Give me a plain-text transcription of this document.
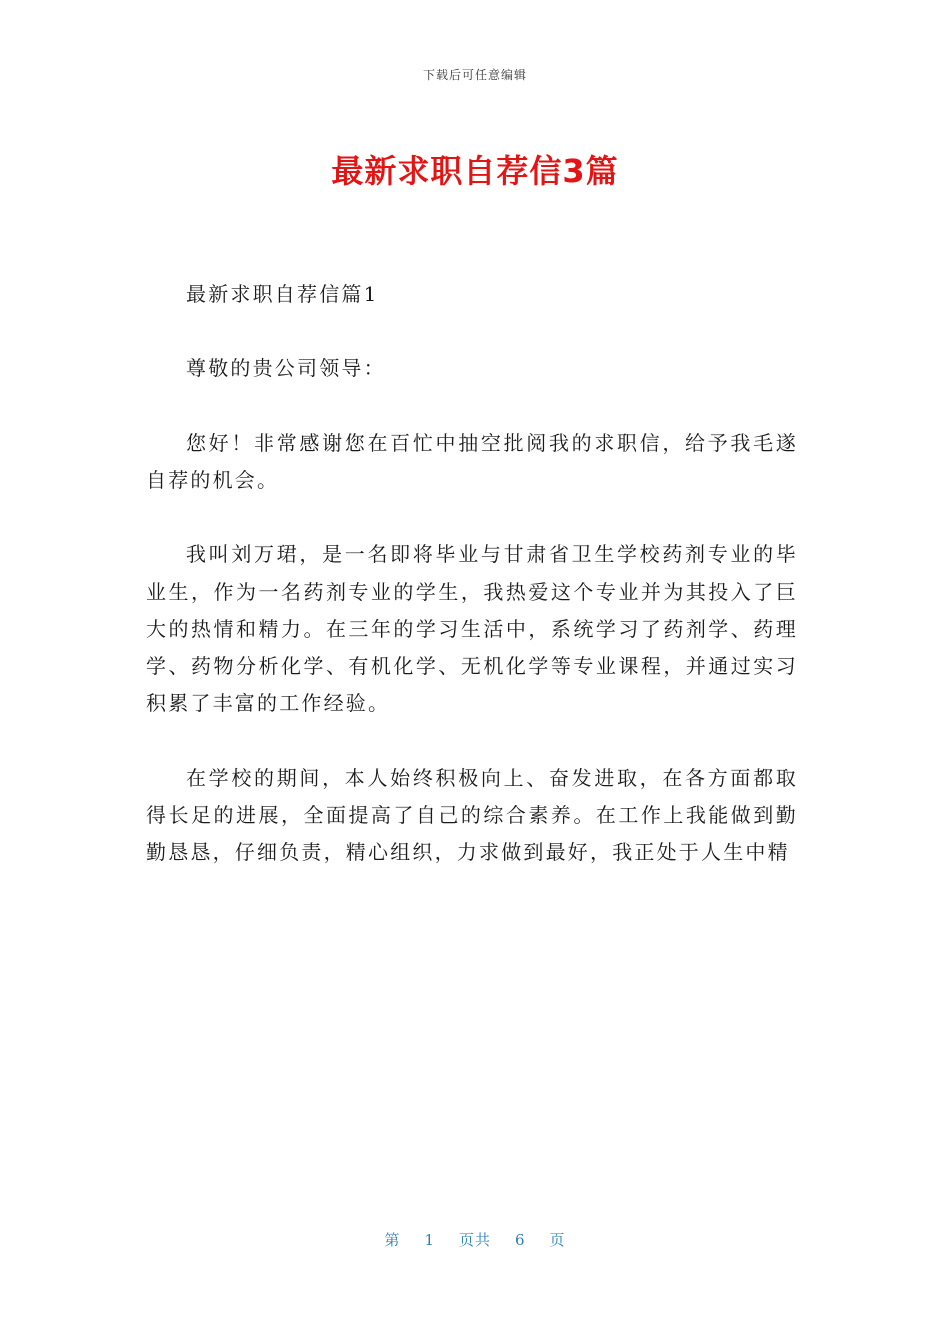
下载后可任意编辑
最新求职自荐信3篇

最新求职自荐信篇1

尊敬的贵公司领导：

您好！非常感谢您在百忙中抽空批阅我的求职信，给予我毛遂自荐的机会。

我叫刘万珺，是一名即将毕业与甘肃省卫生学校药剂专业的毕业生，作为一名药剂专业的学生，我热爱这个专业并为其投入了巨大的热情和精力。在三年的学习生活中，系统学习了药剂学、药理学、药物分析化学、有机化学、无机化学等专业课程，并通过实习积累了丰富的工作经验。

在学校的期间，本人始终积极向上、奋发进取，在各方面都取得长足的进展，全面提高了自己的综合素养。在工作上我能做到勤勤恳恳，仔细负责，精心组织，力求做到最好，我正处于人生中精

第 1 页共 6 页
